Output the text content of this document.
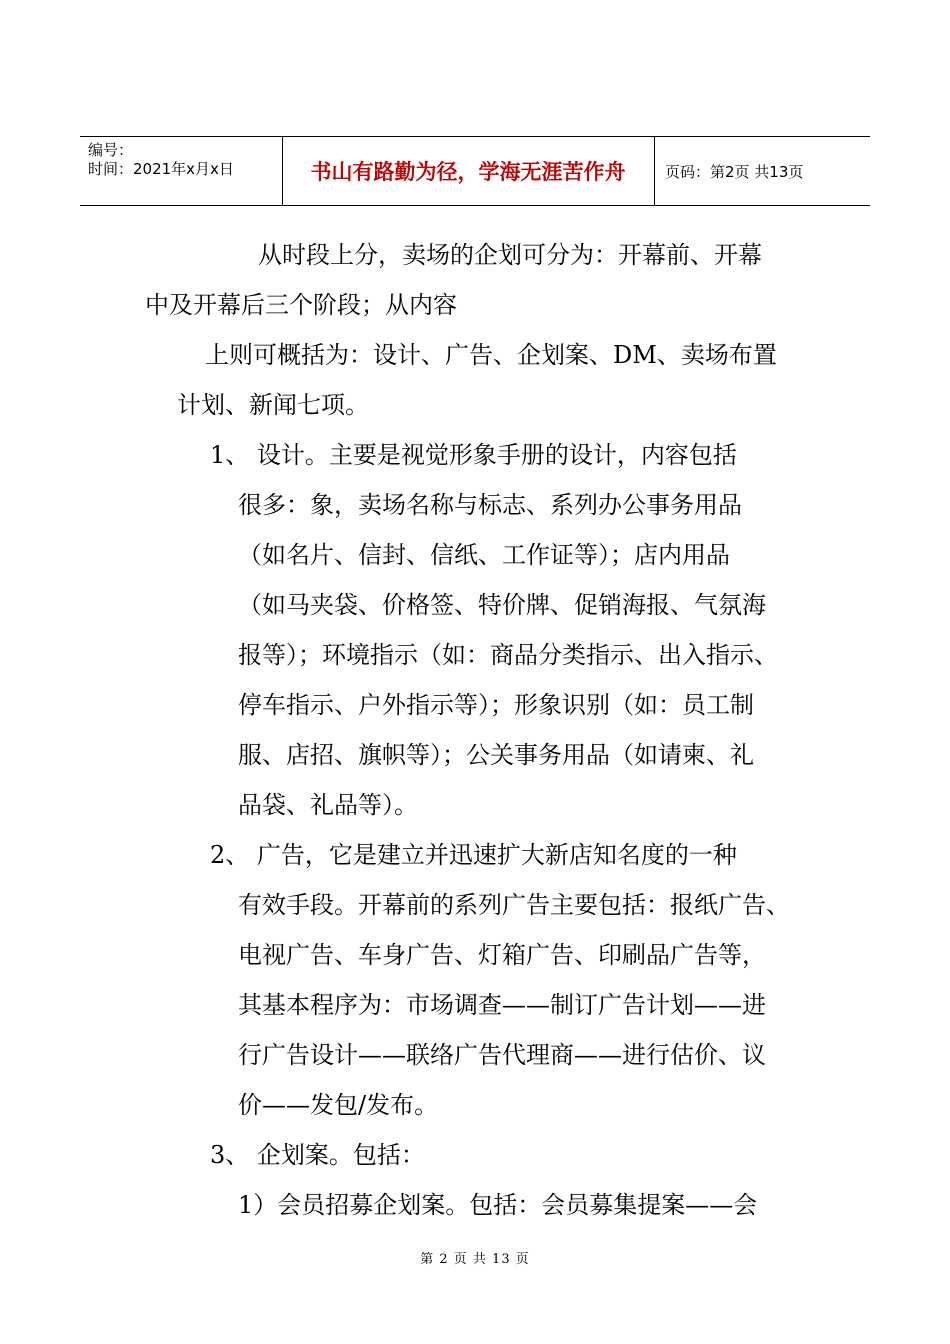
编号：
时间：2021年x月x日	书山有路勤为径，学海无涯苦作舟	页码：第2页 共13页
从时段上分，卖场的企划可分为：开幕前、开幕
中及开幕后三个阶段；从内容
上则可概括为：设计、广告、企划案、DM、卖场布置
计划、新闻七项。
1、 设计。主要是视觉形象手册的设计，内容包括
很多：象，卖场名称与标志、系列办公事务用品
（如名片、信封、信纸、工作证等）；店内用品
（如马夹袋、价格签、特价牌、促销海报、气氛海
报等）；环境指示（如：商品分类指示、出入指示、
停车指示、户外指示等）；形象识别（如：员工制
服、店招、旗帜等）；公关事务用品（如请柬、礼
品袋、礼品等）。
2、 广告，它是建立并迅速扩大新店知名度的一种
有效手段。开幕前的系列广告主要包括：报纸广告、
电视广告、车身广告、灯箱广告、印刷品广告等，
其基本程序为：市场调查——制订广告计划——进
行广告设计——联络广告代理商——进行估价、议
价——发包/发布。
3、 企划案。包括：
1）会员招募企划案。包括：会员募集提案——会
第 2 页 共 13 页
